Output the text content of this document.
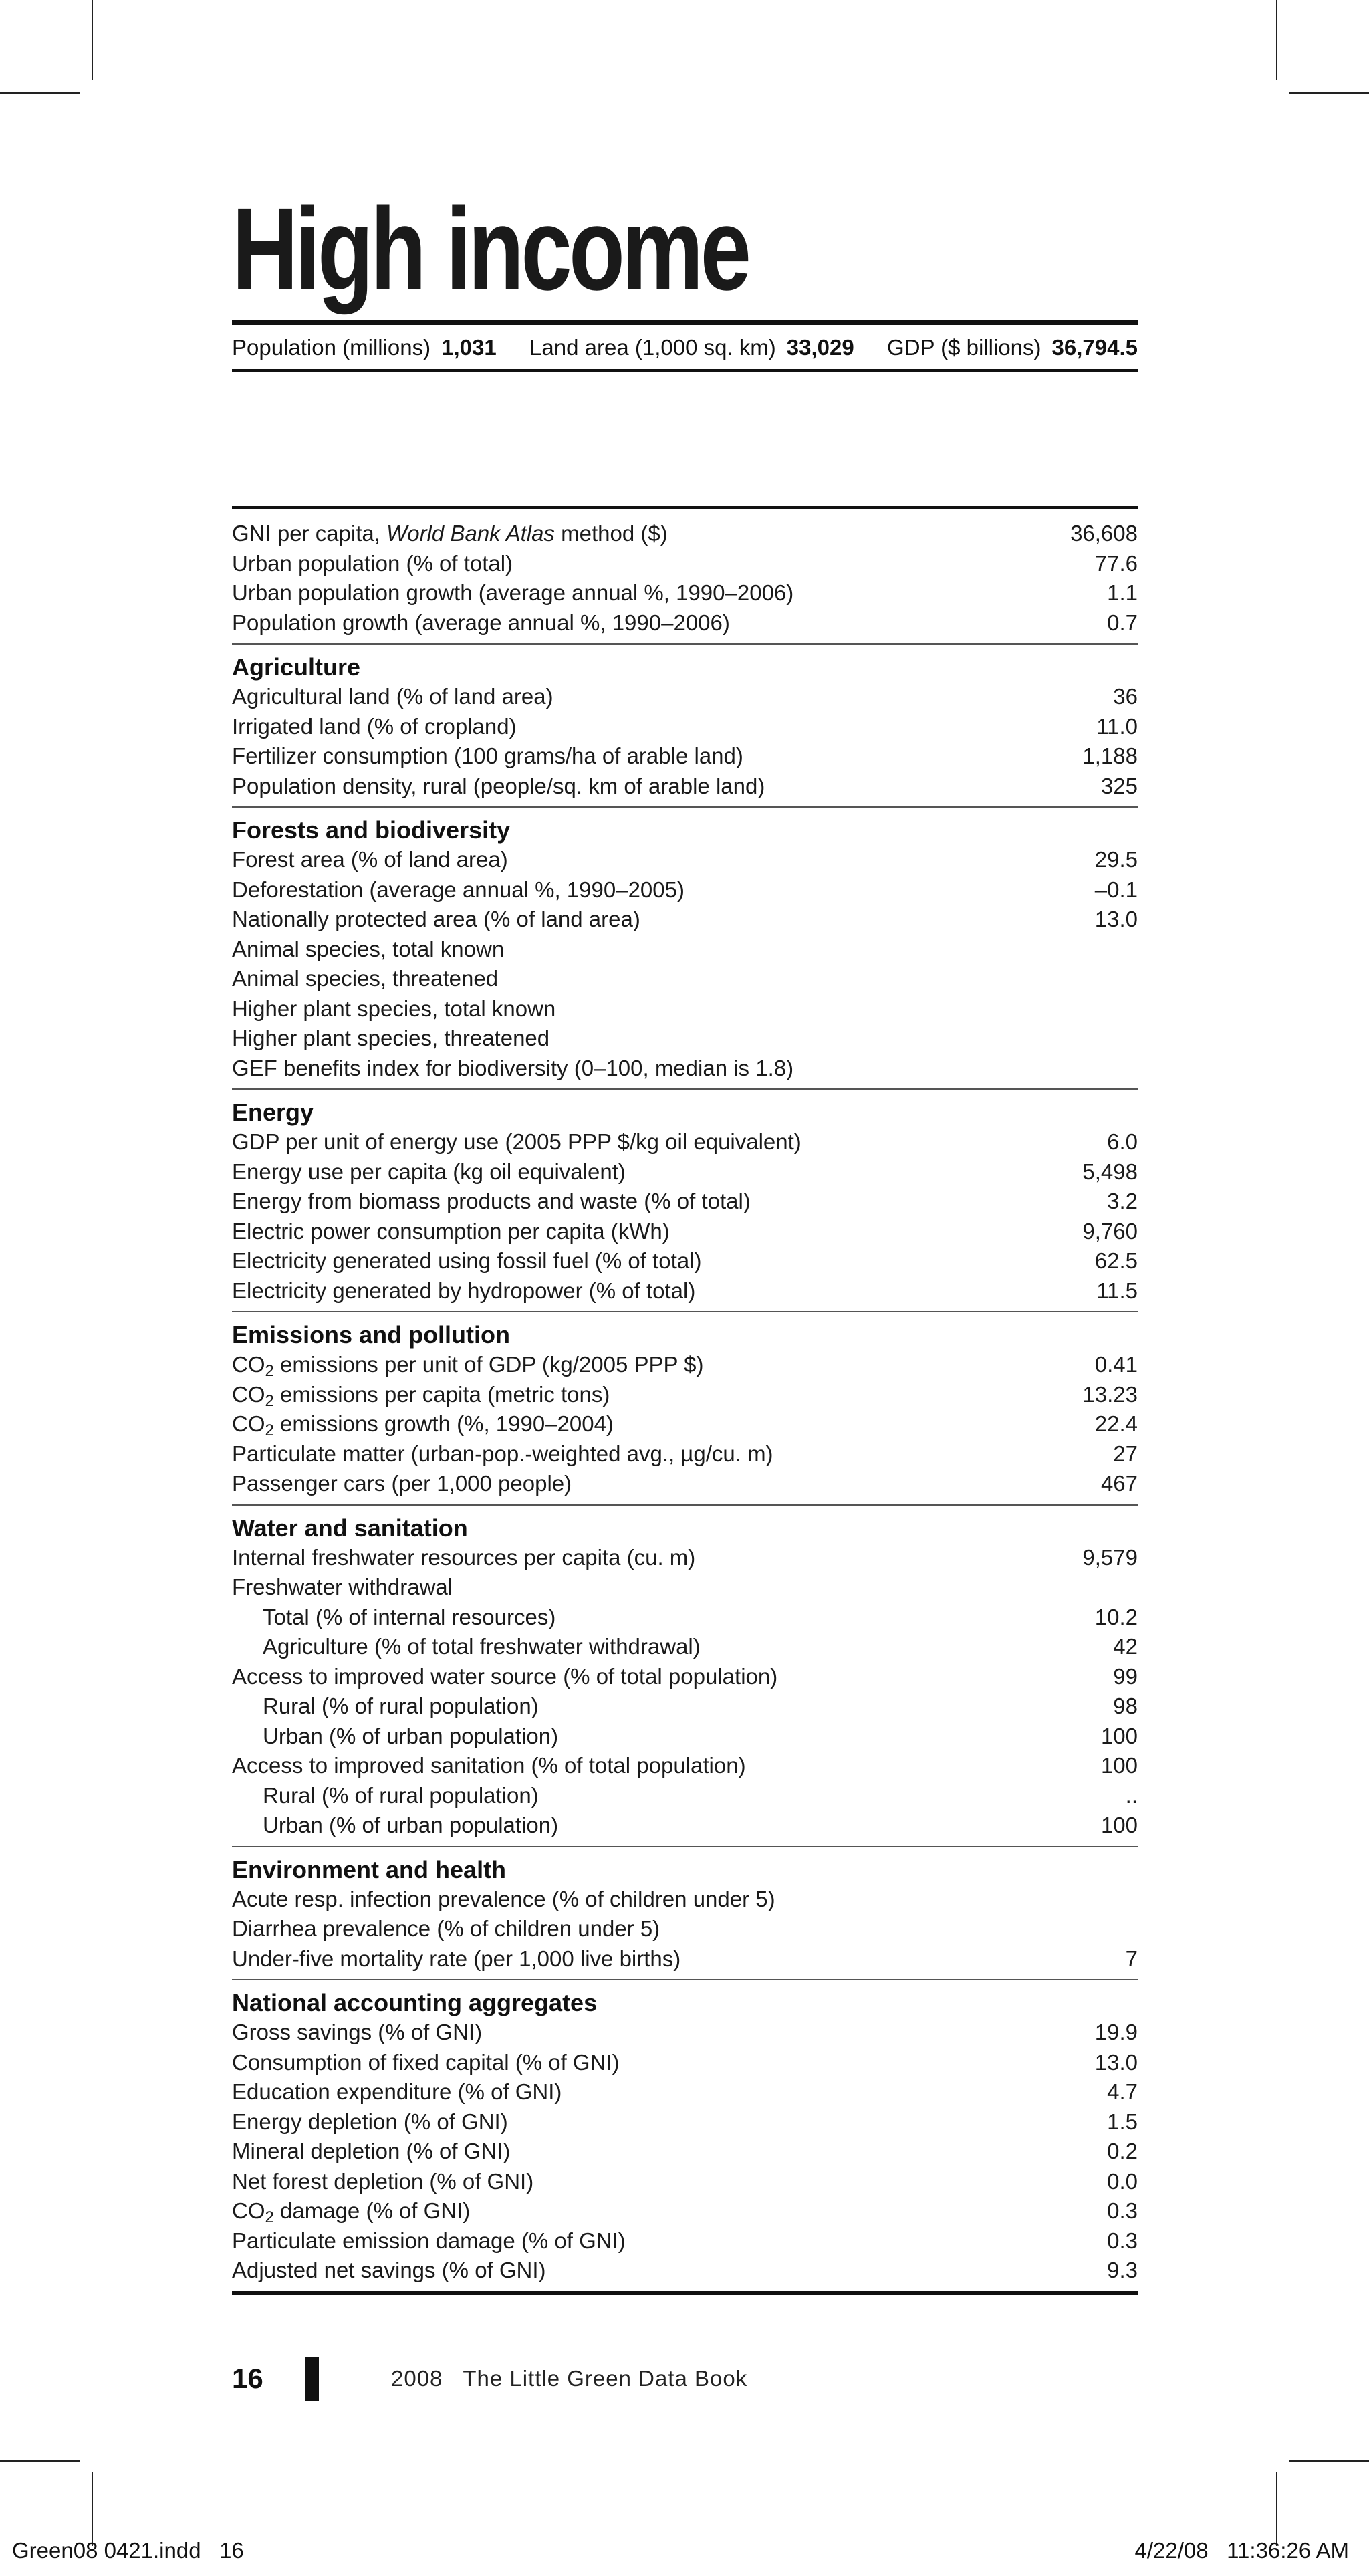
High income
Population (millions) 1,031	Land area (1,000 sq. km) 33,029	GDP ($ billions) 36,794.5
GNI per capita, World Bank Atlas method ($)	36,608
Urban population (% of total)	77.6
Urban population growth (average annual %, 1990–2006)	1.1
Population growth (average annual %, 1990–2006)	0.7
Agriculture
Agricultural land (% of land area)	36
Irrigated land (% of cropland)	11.0
Fertilizer consumption (100 grams/ha of arable land)	1,188
Population density, rural (people/sq. km of arable land)	325
Forests and biodiversity
Forest area (% of land area)	29.5
Deforestation (average annual %, 1990–2005)	–0.1
Nationally protected area (% of land area)	13.0
Animal species, total known
Animal species, threatened
Higher plant species, total known
Higher plant species, threatened
GEF benefits index for biodiversity (0–100, median is 1.8)
Energy
GDP per unit of energy use (2005 PPP $/kg oil equivalent)	6.0
Energy use per capita (kg oil equivalent)	5,498
Energy from biomass products and waste (% of total)	3.2
Electric power consumption per capita (kWh)	9,760
Electricity generated using fossil fuel (% of total)	62.5
Electricity generated by hydropower (% of total)	11.5
Emissions and pollution
$CO_2$ emissions per unit of GDP (kg/2005 PPP $)	0.41
$CO_2$ emissions per capita (metric tons)	13.23
$CO_2$ emissions growth (%, 1990–2004)	22.4
Particulate matter (urban-pop.-weighted avg., µg/cu. m)	27
Passenger cars (per 1,000 people)	467
Water and sanitation
Internal freshwater resources per capita (cu. m)	9,579
Freshwater withdrawal
Total (% of internal resources)	10.2
Agriculture (% of total freshwater withdrawal)	42
Access to improved water source (% of total population)	99
Rural (% of rural population)	98
Urban (% of urban population)	100
Access to improved sanitation (% of total population)	100
Rural (% of rural population)	..
Urban (% of urban population)	100
Environment and health
Acute resp. infection prevalence (% of children under 5)
Diarrhea prevalence (% of children under 5)
Under-five mortality rate (per 1,000 live births)	7
National accounting aggregates
Gross savings (% of GNI)	19.9
Consumption of fixed capital (% of GNI)	13.0
Education expenditure (% of GNI)	4.7
Energy depletion (% of GNI)	1.5
Mineral depletion (% of GNI)	0.2
Net forest depletion (% of GNI)	0.0
$CO_2$ damage (% of GNI)	0.3
Particulate emission damage (% of GNI)	0.3
Adjusted net savings (% of GNI)	9.3
16	2008   The Little Green Data Book
Green08 0421.indd   16	4/22/08   11:36:26 AM
